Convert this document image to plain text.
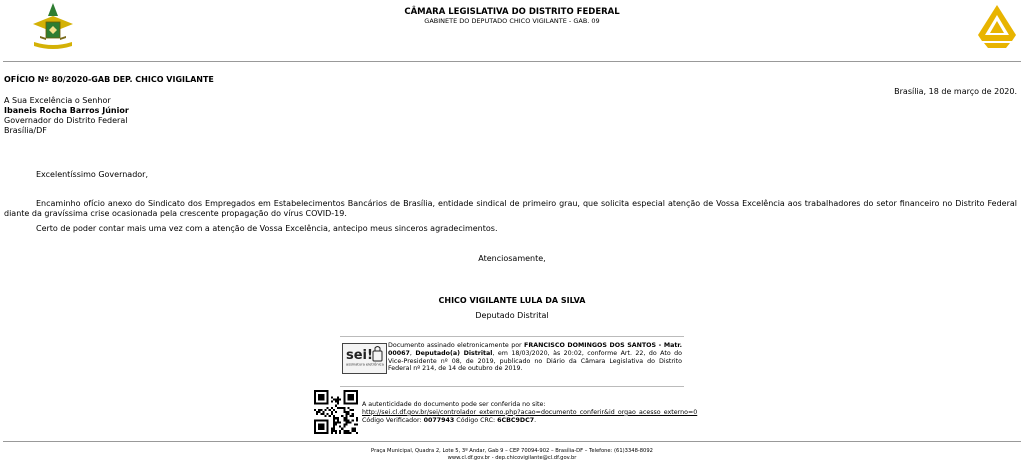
CÂMARA LEGISLATIVA DO DISTRITO FEDERAL
GABINETE DO DEPUTADO CHICO VIGILANTE - GAB. 09
OFÍCIO Nº 80/2020-GAB DEP. CHICO VIGILANTE
Brasília, 18 de março de 2020.
A Sua Excelência o Senhor
Ibaneis Rocha Barros Júnior
Governador do Distrito Federal
Brasília/DF
Excelentíssimo Governador,
Encaminho ofício anexo do Sindicato dos Empregados em Estabelecimentos Bancários de Brasília, entidade sindical de primeiro grau, que solicita especial atenção de Vossa Excelência aos trabalhadores do setor financeiro no Distrito Federal diante da gravíssima crise ocasionada pela crescente propagação do vírus COVID-19.
Certo de poder contar mais uma vez com a atenção de Vossa Excelência, antecipo meus sinceros agradecimentos.
Atenciosamente,
CHICO VIGILANTE LULA DA SILVA
Deputado Distrital
sei!
assinatura eletrônica
Documento assinado eletronicamente por FRANCISCO DOMINGOS DOS SANTOS - Matr. 00067, Deputado(a) Distrital, em 18/03/2020, às 20:02, conforme Art. 22, do Ato do Vice-Presidente nº 08, de 2019, publicado no Diário da Câmara Legislativa do Distrito Federal nº 214, de 14 de outubro de 2019.
A autenticidade do documento pode ser conferida no site:
http://sei.cl.df.gov.br/sei/controlador_externo.php?acao=documento_conferir&id_orgao_acesso_externo=0
Código Verificador: 0077943 Código CRC: 6CBC9DC7.
Praça Municipal, Quadra 2, Lote 5, 3º Andar, Gab 9 – CEP 70094-902 – Brasília-DF – Telefone: (61)3348-8092
www.cl.df.gov.br - dep.chicovigilante@cl.df.gov.br
